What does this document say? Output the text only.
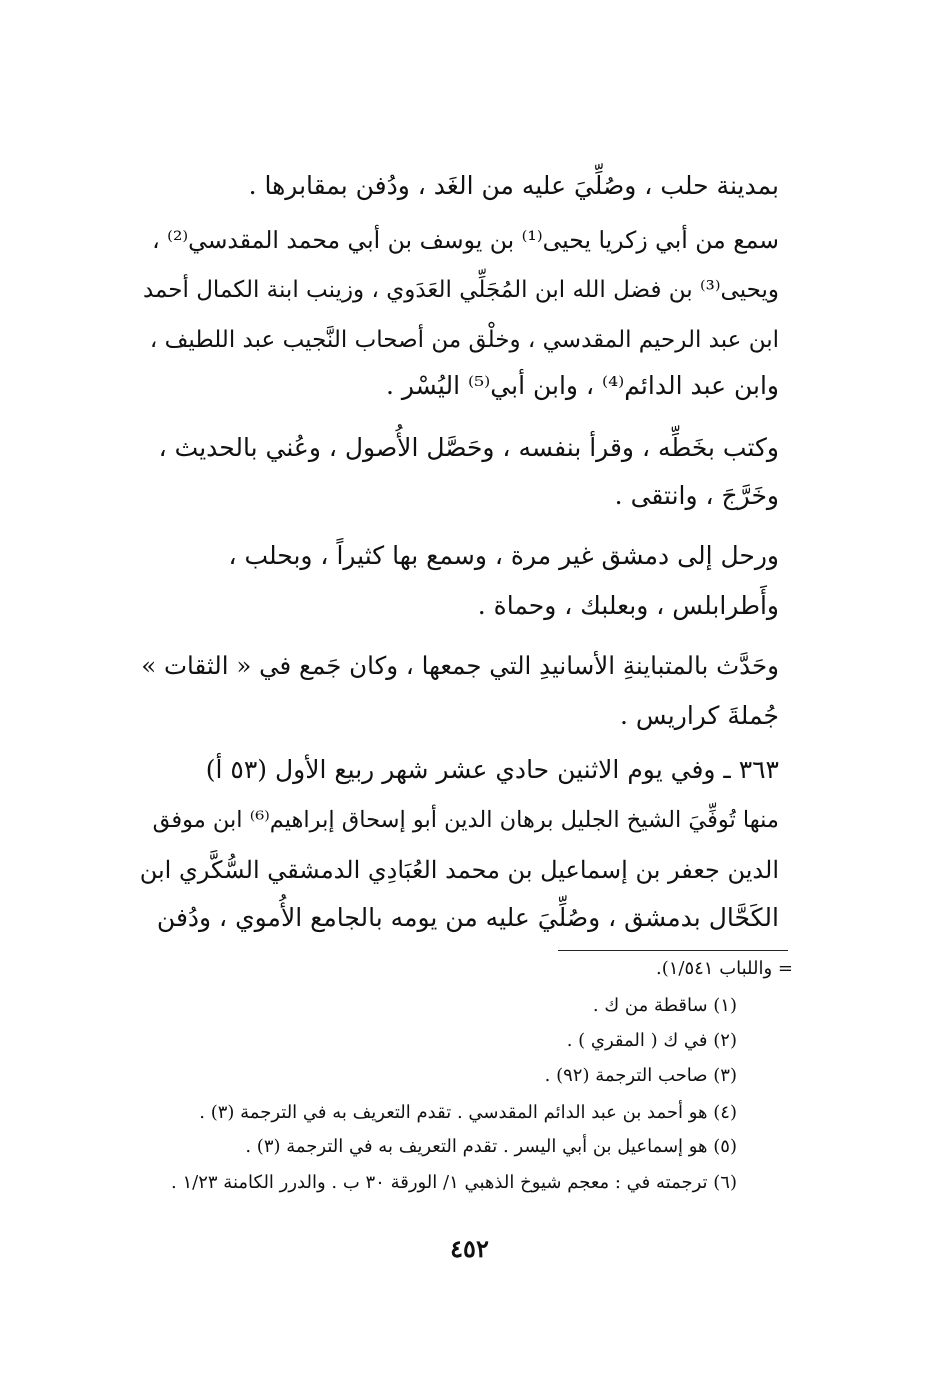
بمدينة حلب ، وصُلِّيَ عليه من الغَد ، ودُفن بمقابرها .
سمع من أبي زكريا يحيى⁽¹⁾ بن يوسف بن أبي محمد المقدسي⁽²⁾ ،
ويحيى⁽³⁾ بن فضل الله ابن المُجَلِّي العَدَوي ، وزينب ابنة الكمال أحمد
ابن عبد الرحيم المقدسي ، وخلْق من أصحاب النَّجيب عبد اللطيف ،
وابن عبد الدائم⁽⁴⁾ ، وابن أبي⁽⁵⁾ اليُسْر .
وكتب بخَطِّه ، وقرأ بنفسه ، وحَصَّل الأُصول ، وعُني بالحديث ،
وخَرَّجَ ، وانتقى .
ورحل إلى دمشق غير مرة ، وسمع بها كثيراً ، وبحلب ،
وأَطرابلس ، وبعلبك ، وحماة .
وحَدَّث بالمتباينةِ الأسانيدِ التي جمعها ، وكان جَمع في « الثقات »
جُملةَ كراريس .
٣٦٣ ـ وفي يوم الاثنين حادي عشر شهر ربيع الأول (٥٣ أ)
منها تُوفِّيَ الشيخ الجليل برهان الدين أبو إسحاق إبراهيم⁽⁶⁾ ابن موفق
الدين جعفر بن إسماعيل بن محمد العُبَادِي الدمشقي السُّكَّري ابن
الكَحَّال بدمشق ، وصُلِّيَ عليه من يومه بالجامع الأُموي ، ودُفن
= واللباب ١/٥٤١).
(١) ساقطة من ك .
(٢) في ك ( المقري ) .
(٣) صاحب الترجمة (٩٢) .
(٤) هو أحمد بن عبد الدائم المقدسي . تقدم التعريف به في الترجمة (٣) .
(٥) هو إسماعيل بن أبي اليسر . تقدم التعريف به في الترجمة (٣) .
(٦) ترجمته في : معجم شيوخ الذهبي ١/ الورقة ٣٠ ب . والدرر الكامنة ١/٢٣ .
٤٥٢
